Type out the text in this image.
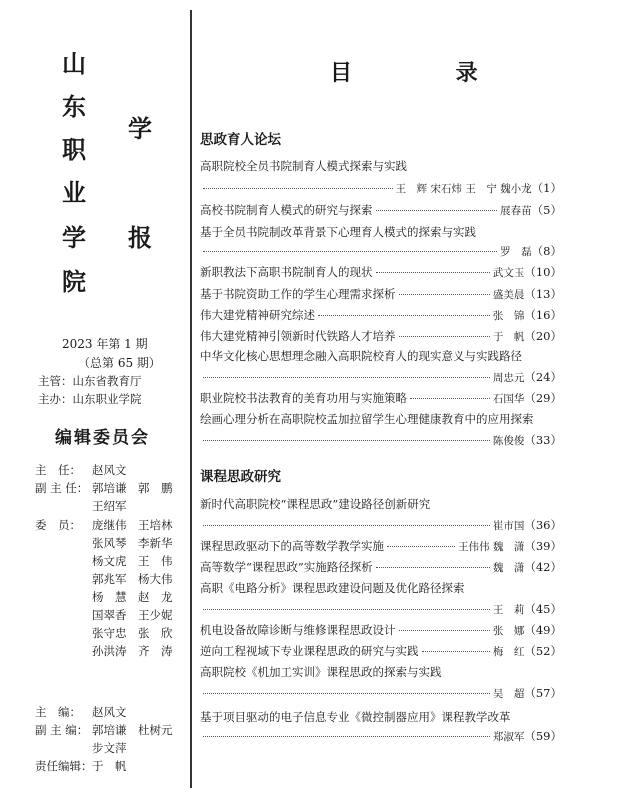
山
东
职
业
学
院
学
报
2023 年第 1 期
（总第 65 期）
主管：山东省教育厅
主办：山东职业学院
编辑委员会
主　任： 赵风文
副 主 任： 郭培谦 郭　鹏
王绍军
委　员： 庞继伟 王培林
张风琴 李新华
杨文虎 王　伟
郭兆军 杨大伟
杨　慧 赵　龙
国翠香 王少妮
张守忠 张　欣
孙洪涛 齐　涛
主　编： 赵风文
副 主 编： 郭培谦 杜树元
步文萍
责任编辑： 于　帆
目 录
思政育人论坛
高职院校全员书院制育人模式探索与实践
王　辉 宋石炜 王　宁 魏小龙 （1）
高校书院制育人模式的研究与探索	展春苗 （5）
基于全员书院制改革背景下心理育人模式的探索与实践
罗　磊 （8）
新职教法下高职书院制育人的现状	武文玉 （10）
基于书院资助工作的学生心理需求探析	盛美晨 （13）
伟大建党精神研究综述	张　锦 （16）
伟大建党精神引领新时代铁路人才培养	于　帆 （20）
中华文化核心思想理念融入高职院校育人的现实意义与实践路径
周忠元 （24）
职业院校书法教育的美育功用与实施策略	石国华 （29）
绘画心理分析在高职院校孟加拉留学生心理健康教育中的应用探索
陈俊俊 （33）
课程思政研究
新时代高职院校“课程思政”建设路径创新研究
崔市国 （36）
课程思政驱动下的高等数学教学实施	王伟伟 魏　潇 （39）
高等数学“课程思政”实施路径探析	魏　潇 （42）
高职《电路分析》课程思政建设问题及优化路径探索
王　莉 （45）
机电设备故障诊断与维修课程思政设计	张　娜 （49）
逆向工程视域下专业课程思政的研究与实践	梅　红 （52）
高职院校《机加工实训》课程思政的探索与实践
吴　超 （57）
基于项目驱动的电子信息专业《微控制器应用》课程教学改革
郑淑军 （59）
